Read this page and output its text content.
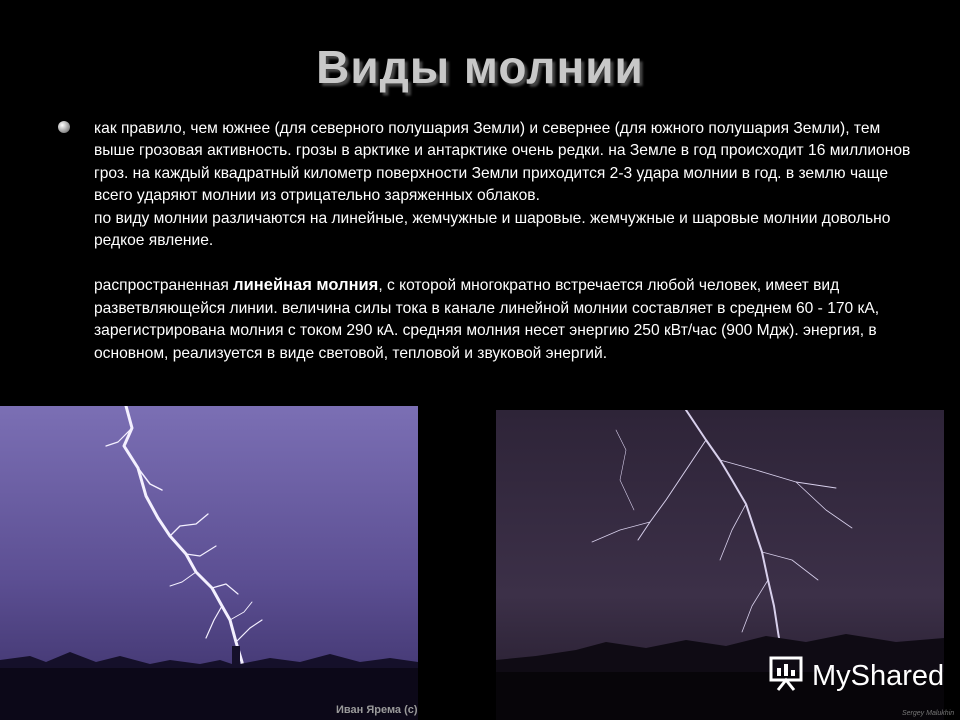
Виды молнии

как правило, чем южнее (для северного полушария Земли) и севернее (для южного полушария Земли), тем выше грозовая активность. грозы в арктике и антарктике очень редки. на Земле в год происходит 16 миллионов гроз. на каждый квадратный километр поверхности Земли приходится 2-3 удара молнии в год. в землю чаще всего ударяют молнии из отрицательно заряженных облаков.

по виду молнии различаются на линейные, жемчужные и шаровые. жемчужные и шаровые молнии довольно редкое явление.

распространенная линейная молния, с которой многократно встречается любой человек, имеет вид разветвляющейся линии. величина силы тока в канале линейной молнии составляет в среднем 60 - 170 кА, зарегистрирована молния с током 290 кА. средняя молния несет энергию 250 кВт/час (900 Мдж). энергия, в основном, реализуется в виде световой, тепловой и звуковой энергий.

Иван Ярема (с)	Sergey Malukhin
MyShared
